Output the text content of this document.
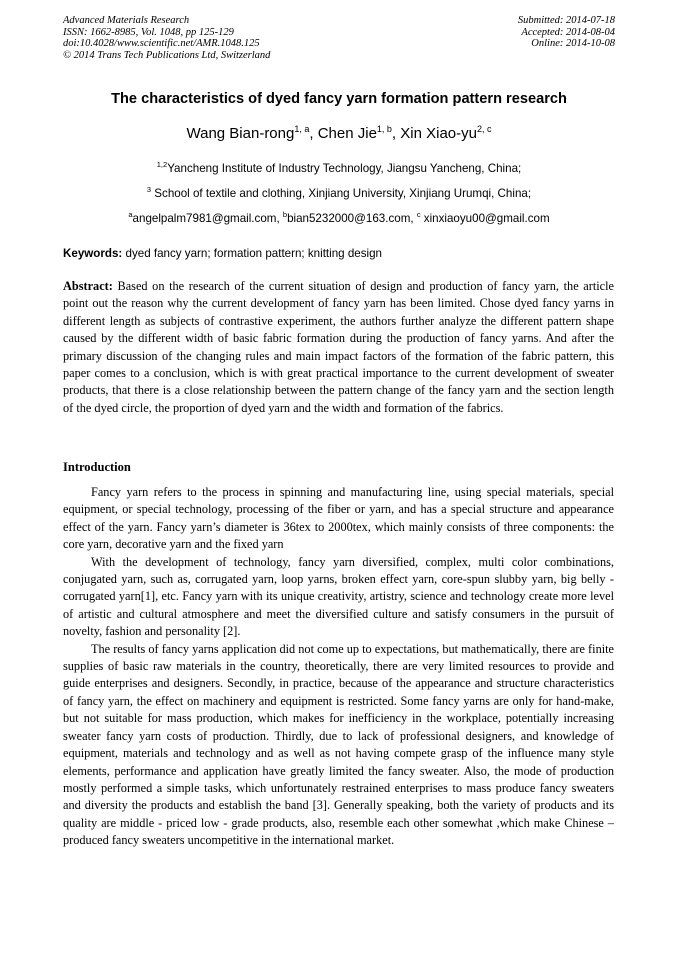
Advanced Materials Research
ISSN: 1662-8985, Vol. 1048, pp 125-129
doi:10.4028/www.scientific.net/AMR.1048.125
© 2014 Trans Tech Publications Ltd, Switzerland
Submitted: 2014-07-18
Accepted: 2014-08-04
Online: 2014-10-08
The characteristics of dyed fancy yarn formation pattern research
Wang Bian-rong$^{1, a}$, Chen Jie$^{1, b}$, Xin Xiao-yu$^{2, c}$
$^{1,2}$Yancheng Institute of Industry Technology, Jiangsu Yancheng, China;
$^3$ School of textile and clothing, Xinjiang University, Xinjiang Urumqi, China;
$^a$angelpalm7981@gmail.com, $^b$bian5232000@163.com, $^c$ xinxiaoyu00@gmail.com
Keywords: dyed fancy yarn; formation pattern; knitting design
Abstract: Based on the research of the current situation of design and production of fancy yarn, the article point out the reason why the current development of fancy yarn has been limited. Chose dyed fancy yarns in different length as subjects of contrastive experiment, the authors further analyze the different pattern shape caused by the different width of basic fabric formation during the production of fancy yarns. And after the primary discussion of the changing rules and main impact factors of the formation of the fabric pattern, this paper comes to a conclusion, which is with great practical importance to the current development of sweater products, that there is a close relationship between the pattern change of the fancy yarn and the section length of the dyed circle, the proportion of dyed yarn and the width and formation of the fabrics.
Introduction

Fancy yarn refers to the process in spinning and manufacturing line, using special materials, special equipment, or special technology, processing of the fiber or yarn, and has a special structure and appearance effect of the yarn. Fancy yarn’s diameter is 36tex to 2000tex, which mainly consists of three components: the core yarn, decorative yarn and the fixed yarn

With the development of technology, fancy yarn diversified, complex, multi color combinations, conjugated yarn, such as, corrugated yarn, loop yarns, broken effect yarn, core-spun slubby yarn, big belly - corrugated yarn[1], etc. Fancy yarn with its unique creativity, artistry, science and technology create more level of artistic and cultural atmosphere and meet the diversified culture and satisfy consumers in the pursuit of novelty, fashion and personality [2].

The results of fancy yarns application did not come up to expectations, but mathematically, there are finite supplies of basic raw materials in the country, theoretically, there are very limited resources to provide and guide enterprises and designers. Secondly, in practice, because of the appearance and structure characteristics of fancy yarn, the effect on machinery and equipment is restricted. Some fancy yarns are only for hand-make, but not suitable for mass production, which makes for inefficiency in the workplace, potentially increasing sweater fancy yarn costs of production. Thirdly, due to lack of professional designers, and knowledge of equipment, materials and technology and as well as not having compete grasp of the influence many style elements, performance and application have greatly limited the fancy sweater. Also, the mode of production mostly performed a simple tasks, which unfortunately restrained enterprises to mass produce fancy sweaters and diversity the products and establish the band [3]. Generally speaking, both the variety of products and its quality are middle - priced low - grade products, also, resemble each other somewhat ,which make Chinese –produced fancy sweaters uncompetitive in the international market.
